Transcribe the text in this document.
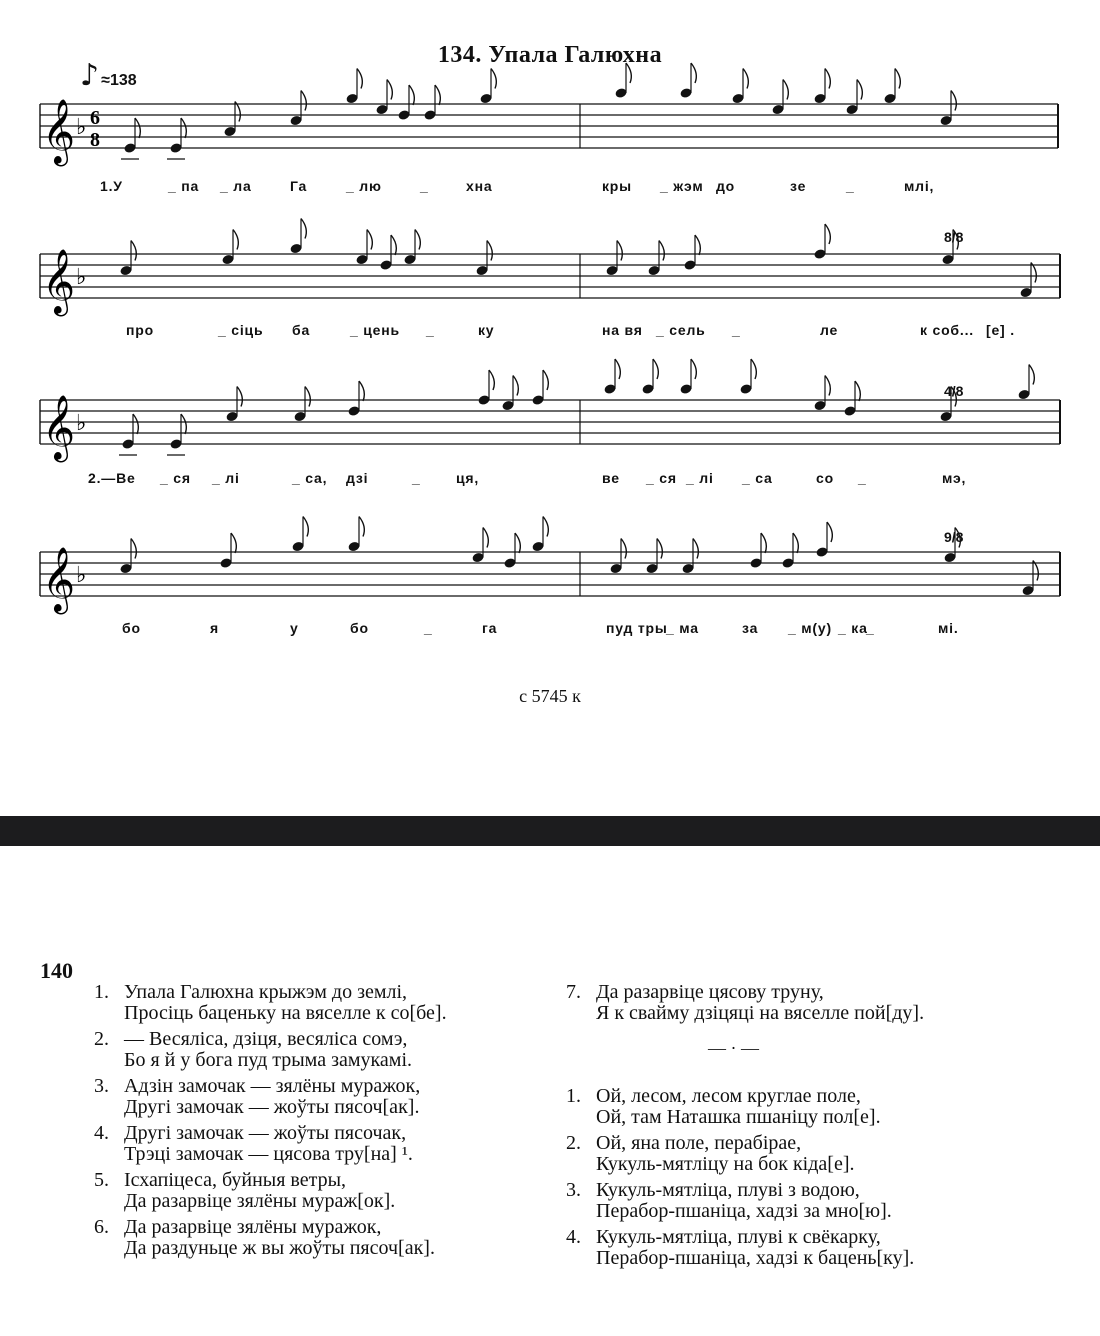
134. Упала Галюхна
♪ ≈138
𝄞 ♭ 6
8
𝄞 ♭
𝄞 ♭
𝄞 ♭
1.У	_ па _ ла	Га	_ лю	_	хна	кры _ жэм до	зе	_	млі,
про	_ сіць ба	_ цень _	ку	на вя _ сель _	ле	к соб... [е] .
2.—Ве _ ся _ лі	_ са, дзі	_	ця,	ве _ ся _ лі _ са	со _	мэ,
бо	я	у	бо	_	га	пуд тры
_ ма	за _ м(у) _ ка
_	мі.
8/8
4/8
9/8
с 5745 к
140
1. Упала Галюхна крыжэм до землі,
Просіць баценьку на вяселле к со[бе].
2. — Весяліса, дзіця, весяліса сомэ,
Бо я й у бога пуд трыма замукамі.
3. Адзін замочак — зялёны муражок,
Другі замочак — жоўты пясоч[ак].
4. Другі замочак — жоўты пясочак,
Трэці замочак — цясова тру[на] ¹.
5. Ісхапіцеса, буйныя ветры,
Да разарвіце зялёны мураж[ок].
6. Да разарвіце зялёны муражок,
Да раздуньце ж вы жоўты пясоч[ак].
7. Да разарвіце цясову труну,
Я к свайму дзіцяці на вяселле пой[ду].
— · —
1. Ой, лесом, лесом круглае поле,
Ой, там Наташка пшаніцу пол[е].
2. Ой, яна поле, перабірае,
Кукуль-мятліцу на бок кіда[е].
3. Кукуль-мятліца, плуві з водою,
Перабор-пшаніца, хадзі за мно[ю].
4. Кукуль-мятліца, плуві к свёкарку,
Перабор-пшаніца, хадзі к бацень[ку].
